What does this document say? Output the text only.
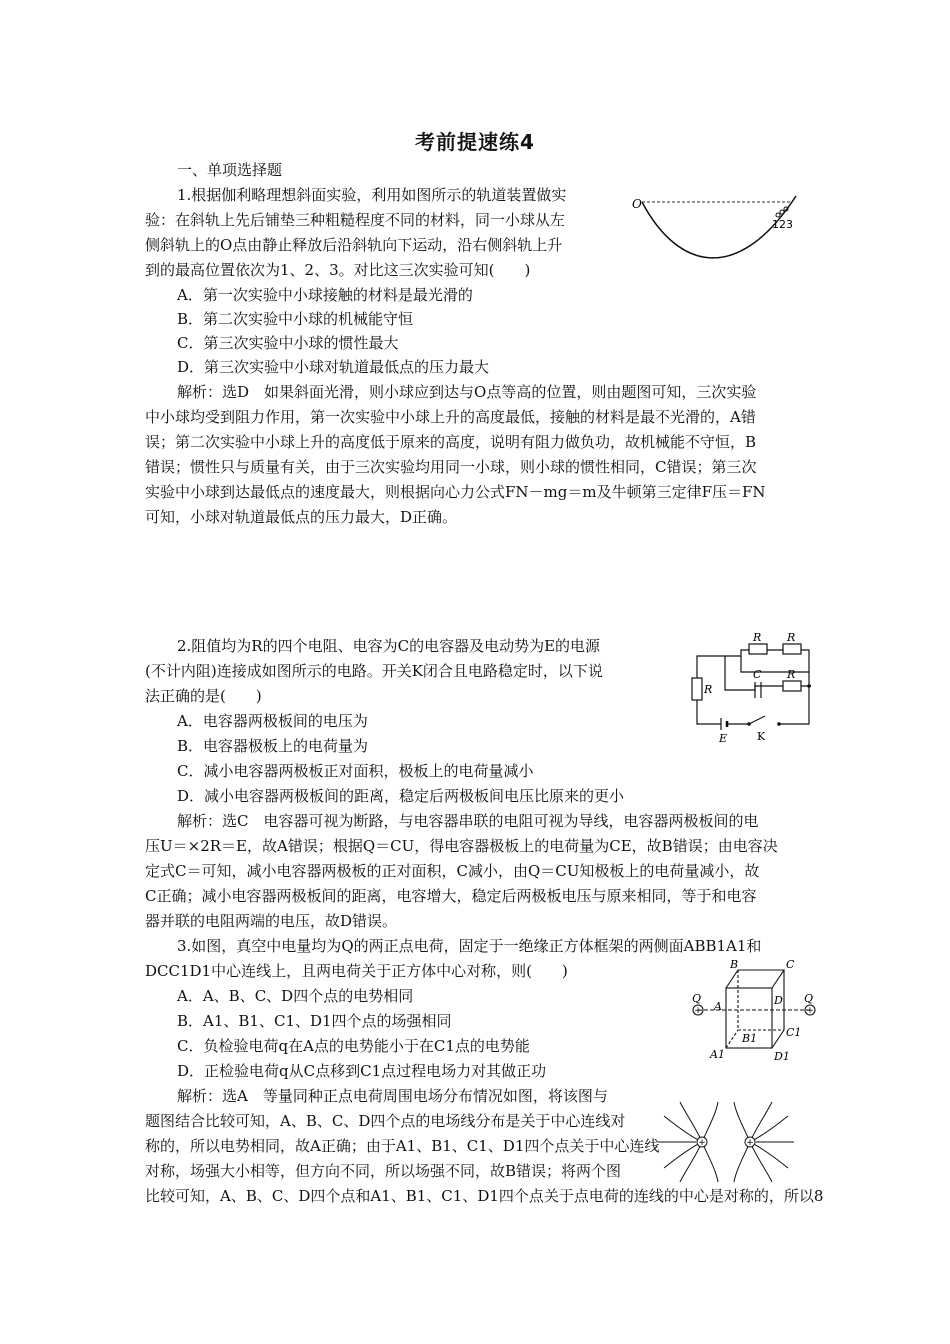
考前提速练4
一、单项选择题
1.根据伽利略理想斜面实验，利用如图所示的轨道装置做实
验：在斜轨上先后铺垫三种粗糙程度不同的材料，同一小球从左
侧斜轨上的O点由静止释放后沿斜轨向下运动，沿右侧斜轨上升
到的最高位置依次为1、2、3。对比这三次实验可知(　　)
A．第一次实验中小球接触的材料是最光滑的
B．第二次实验中小球的机械能守恒
C．第三次实验中小球的惯性最大
D．第三次实验中小球对轨道最低点的压力最大
解析：选D　如果斜面光滑，则小球应到达与O点等高的位置，则由题图可知，三次实验
中小球均受到阻力作用，第一次实验中小球上升的高度最低，接触的材料是最不光滑的，A错
误；第二次实验中小球上升的高度低于原来的高度，说明有阻力做负功，故机械能不守恒，B
错误；惯性只与质量有关，由于三次实验均用同一小球，则小球的惯性相同，C错误；第三次
实验中小球到达最低点的速度最大，则根据向心力公式FN－mg＝m及牛顿第三定律F压＝FN
可知，小球对轨道最低点的压力最大，D正确。
O
123
2.阻值均为R的四个电阻、电容为C的电容器及电动势为E的电源
(不计内阻)连接成如图所示的电路。开关K闭合且电路稳定时，以下说
法正确的是(　　)
A．电容器两极板间的电压为
B．电容器极板上的电荷量为
C．减小电容器两极板正对面积，极板上的电荷量减小
D．减小电容器两极板间的距离，稳定后两极板间电压比原来的更小
解析：选C　电容器可视为断路，与电容器串联的电阻可视为导线，电容器两极板间的电
压U＝×2R＝E，故A错误；根据Q＝CU，得电容器极板上的电荷量为CE，故B错误；由电容决
定式C＝可知，减小电容器两极板的正对面积，C减小，由Q＝CU知极板上的电荷量减小，故
C正确；减小电容器两极板间的距离，电容增大，稳定后两极板电压与原来相同，等于和电容
器并联的电阻两端的电压，故D错误。
R R
R
R
C
E	K
3.如图，真空中电量均为Q的两正点电荷，固定于一绝缘正方体框架的两侧面ABB1A1和
DCC1D1中心连线上，且两电荷关于正方体中心对称，则(　　)
A．A、B、C、D四个点的电势相同
B．A1、B1、C1、D1四个点的场强相同
C．负检验电荷q在A点的电势能小于在C1点的电势能
D．正检验电荷q从C点移到C1点过程电场力对其做正功
解析：选A　等量同种正点电荷周围电场分布情况如图，将该图与
题图结合比较可知，A、B、C、D四个点的电场线分布是关于中心连线对
称的，所以电势相同，故A正确；由于A1、B1、C1、D1四个点关于中心连线
对称，场强大小相等，但方向不同，所以场强不同，故B错误；将两个图
比较可知，A、B、C、D四个点和A1、B1、C1、D1四个点关于点电荷的连线的中心是对称的，所以8
+	+
Q	Q
A
B	C
D
A1
B1	C1
D1
+	+
